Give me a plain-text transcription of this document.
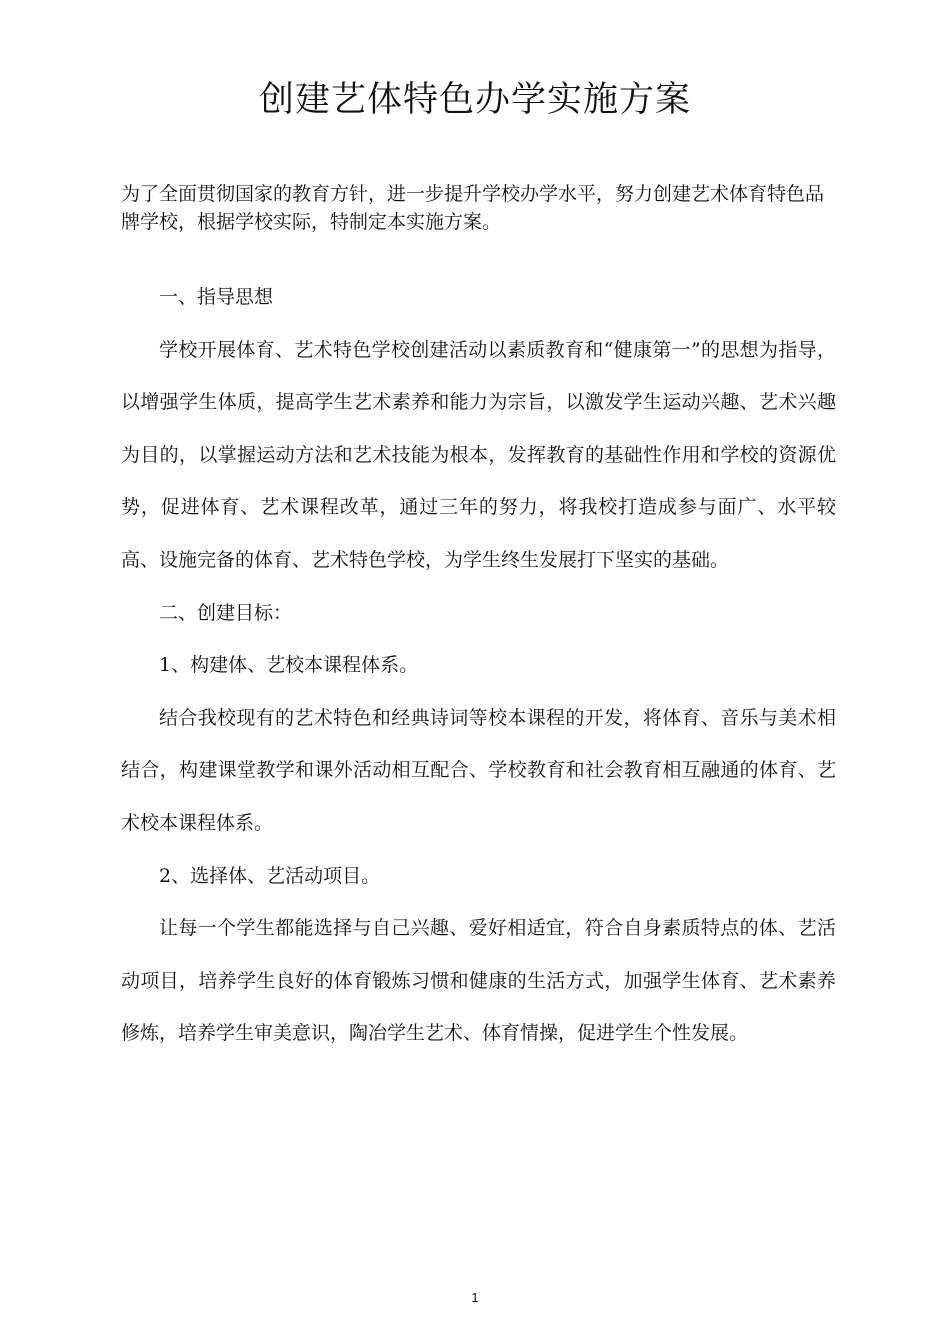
创建艺体特色办学实施方案

为了全面贯彻国家的教育方针，进一步提升学校办学水平，努力创建艺术体育特色品牌学校，根据学校实际，特制定本实施方案。

一、指导思想

学校开展体育、艺术特色学校创建活动以素质教育和“健康第一”的思想为指导，以增强学生体质，提高学生艺术素养和能力为宗旨，以激发学生运动兴趣、艺术兴趣为目的，以掌握运动方法和艺术技能为根本，发挥教育的基础性作用和学校的资源优势，促进体育、艺术课程改革，通过三年的努力，将我校打造成参与面广、水平较高、设施完备的体育、艺术特色学校，为学生终生发展打下坚实的基础。

二、创建目标：

1、构建体、艺校本课程体系。

结合我校现有的艺术特色和经典诗词等校本课程的开发，将体育、音乐与美术相结合，构建课堂教学和课外活动相互配合、学校教育和社会教育相互融通的体育、艺术校本课程体系。

2、选择体、艺活动项目。

让每一个学生都能选择与自己兴趣、爱好相适宜，符合自身素质特点的体、艺活动项目，培养学生良好的体育锻炼习惯和健康的生活方式，加强学生体育、艺术素养修炼，培养学生审美意识，陶冶学生艺术、体育情操，促进学生个性发展。

1
